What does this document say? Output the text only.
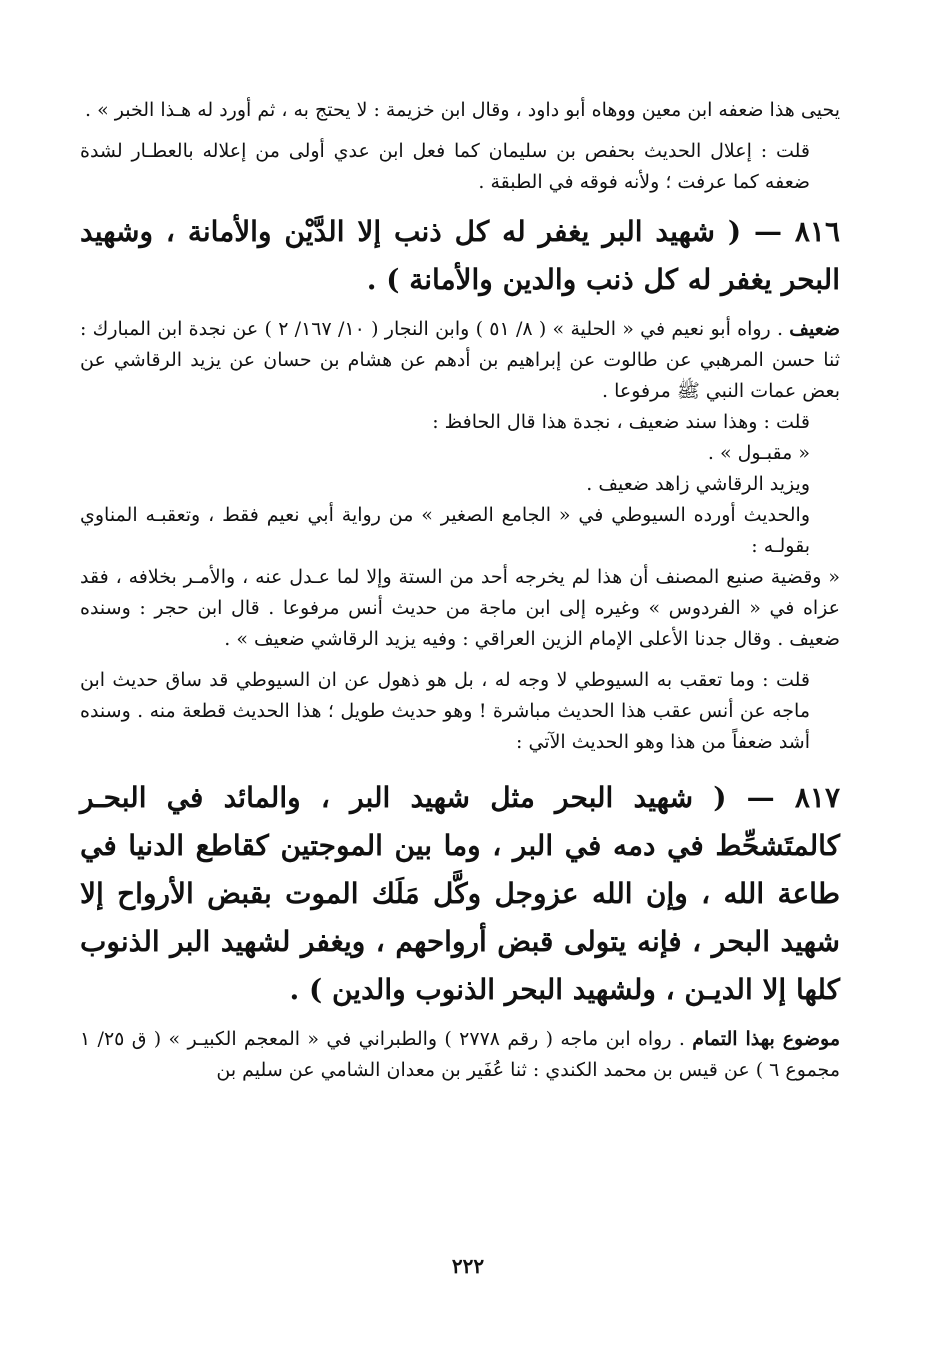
يحيى هذا ضعفه ابن معين ووهاه أبو داود ، وقال ابن خزيمة : لا يحتج به ، ثم أورد له هـذا الخبر » .

قلت : إعلال الحديث بحفص بن سليمان كما فعل ابن عدي أولى من إعلاله بالعطـار لشدة ضعفه كما عرفت ؛ ولأنه فوقه في الطبقة .

٨١٦ — ( شهيد البر يغفر له كل ذنب إلا الدَّيْن والأمانة ، وشهيد البحر يغفر له كل ذنب والدين والأمانة ) .

ضعيف . رواه أبو نعيم في « الحلية » ( ٨/ ٥١ ) وابن النجار ( ١٠/ ١٦٧/ ٢ ) عن نجدة ابن المبارك : ثنا حسن المرهبي عن طالوت عن إبراهيم بن أدهم عن هشام بن حسان عن يزيد الرقاشي عن بعض عمات النبي ﷺ مرفوعا .

قلت : وهذا سند ضعيف ، نجدة هذا قال الحافظ :

« مقبـول » .

ويزيد الرقاشي زاهد ضعيف .

والحديث أورده السيوطي في « الجامع الصغير » من رواية أبي نعيم فقط ، وتعقبـه المناوي بقولـه :

« وقضية صنيع المصنف أن هذا لم يخرجه أحد من الستة وإلا لما عـدل عنه ، والأمـر بخلافه ، فقد عزاه في « الفردوس » وغيره إلى ابن ماجة من حديث أنس مرفوعا . قال ابن حجر : وسنده ضعيف . وقال جدنا الأعلى الإمام الزين العراقي : وفيه يزيد الرقاشي ضعيف » .

قلت : وما تعقب به السيوطي لا وجه له ، بل هو ذهول عن ان السيوطي قد ساق حديث ابن ماجه عن أنس عقب هذا الحديث مباشرة ! وهو حديث طويل ؛ هذا الحديث قطعة منه . وسنده أشد ضعفاً من هذا وهو الحديث الآتي :

٨١٧ — ( شهيد البحر مثل شهيد البر ، والمائد في البحـر كالمتَشحِّط في دمه في البر ، وما بين الموجتين كقاطع الدنيا في طاعة الله ، وإن الله عزوجل وكَّل مَلَك الموت بقبض الأرواح إلا شهيد البحر ، فإنه يتولى قبض أرواحهم ، ويغفر لشهيد البر الذنوب كلها إلا الديـن ، ولشهيد البحر الذنوب والدين ) .

موضوع بهذا التمام . رواه ابن ماجه ( رقم ٢٧٧٨ ) والطبراني في « المعجم الكبيـر » ( ق ٢٥/ ١ مجموع ٦ ) عن قيس بن محمد الكندي : ثنا عُفَير بن معدان الشامي عن سليم بن

٢٢٢
